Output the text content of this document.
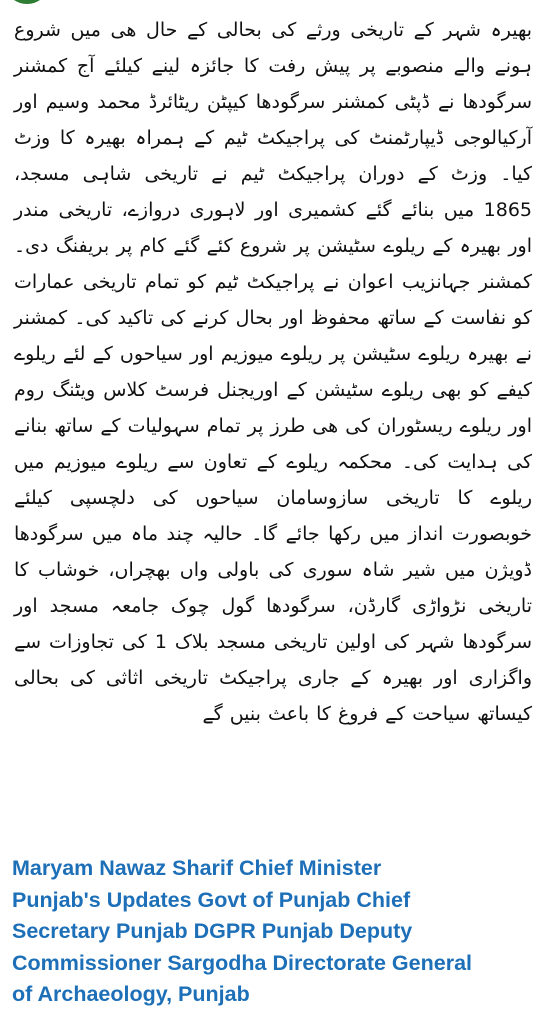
بھیرہ شہر کے تاریخی ورثے کی بحالی کے حال ھی میں شروع ہونے والے منصوبے پر پیش رفت کا جائزہ لینے کیلئے آج کمشنر سرگودھا نے ڈپٹی کمشنر سرگودھا کیپٹن ریٹائرڈ محمد وسیم اور آرکیالوجی ڈیپارٹمنٹ کی پراجیکٹ ٹیم کے ہمراہ بھیرہ کا وزٹ کیا۔ وزٹ کے دوران پراجیکٹ ٹیم نے تاریخی شاہی مسجد، 1865 میں بنائے گئے کشمیری اور لاہوری دروازے، تاریخی مندر اور بھیرہ کے ریلوے سٹیشن پر شروع کئے گئے کام پر بریفنگ دی۔ کمشنر جہانزیب اعوان نے پراجیکٹ ٹیم کو تمام تاریخی عمارات کو نفاست کے ساتھ محفوظ اور بحال کرنے کی تاکید کی۔ کمشنر نے بھیرہ ریلوے سٹیشن پر ریلوے میوزیم اور سیاحوں کے لئے ریلوے کیفے کو بھی ریلوے سٹیشن کے اوریجنل فرسٹ کلاس ویٹنگ روم اور ریلوے ریسٹوران کی ھی طرز پر تمام سہولیات کے ساتھ بنانے کی ہدایت کی۔ محکمہ ریلوے کے تعاون سے ریلوے میوزیم میں ریلوے کا تاریخی سازوسامان سیاحوں کی دلچسپی کیلئے خوبصورت انداز میں رکھا جائے گا۔ حالیہ چند ماہ میں سرگودھا ڈویژن میں شیر شاہ سوری کی باولی واں بھچراں، خوشاب کا تاریخی نڑواڑی گارڈن، سرگودھا گول چوک جامعہ مسجد اور سرگودھا شہر کی اولین تاریخی مسجد بلاک 1 کی تجاوزات سے واگزاری اور بھیرہ کے جاری پراجیکٹ تاریخی اثاثی کی بحالی کیساتھ سیاحت کے فروغ کا باعث بنیں گے

Maryam Nawaz Sharif Chief Minister
Punjab's Updates Govt of Punjab Chief
Secretary Punjab DGPR Punjab Deputy
Commissioner Sargodha Directorate General
of Archaeology, Punjab
